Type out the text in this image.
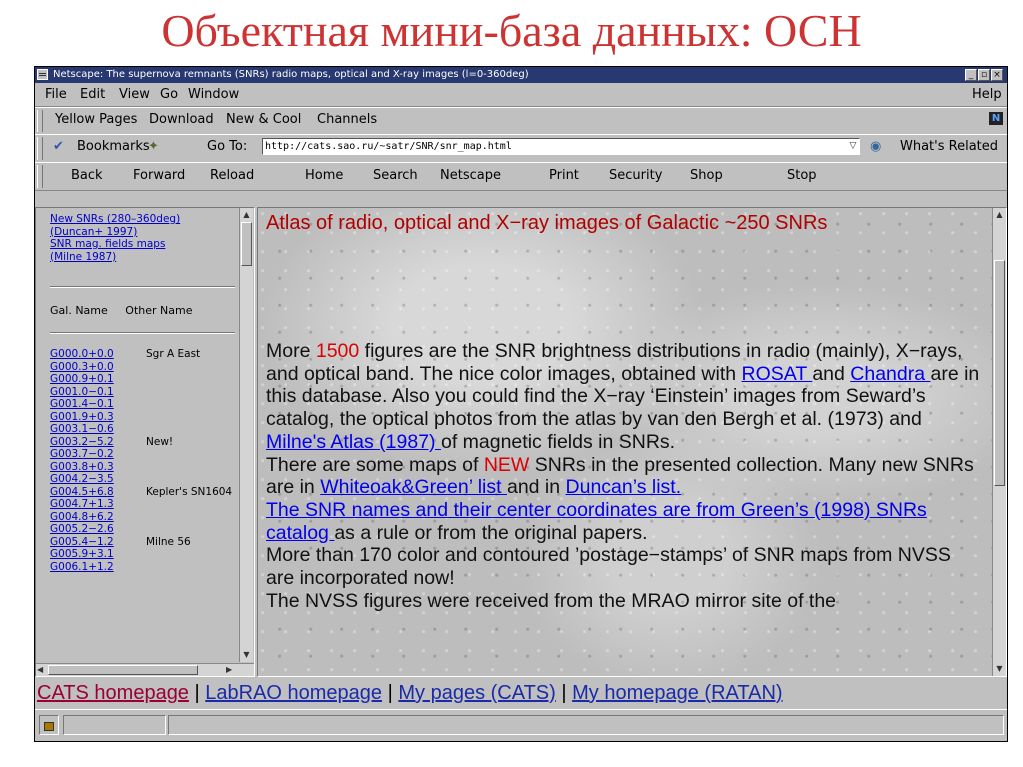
Объектная мини-база данных: ОСН
Netscape: The supernova remnants (SNRs) radio maps, optical and X-ray images (l=0-360deg)	_ ▫ ×
File Edit View Go Window	Help
Yellow Pages Download New & Cool Channels	N
✔ Bookmarks
✦	Go To:	http://cats.sao.ru/~satr/SNR/snr_map.html	▽ ◉ What's Related
Back Forward Reload	Home Search Netscape	Print Security Shop	Stop
New SNRs (280–360deg)
(Duncan+ 1997)
SNR mag. fields maps
(Milne 1987)
Gal. Name Other Name
G000.0+0.0	Sgr A East
G000.3+0.0
G000.9+0.1
G001.0−0.1
G001.4−0.1
G001.9+0.3
G003.1−0.6
G003.2−5.2	New!
G003.7−0.2
G003.8+0.3
G004.2−3.5
G004.5+6.8	Kepler's SN1604
G004.7+1.3
G004.8+6.2
G005.2−2.6
G005.4−1.2	Milne 56
G005.9+3.1
G006.1+1.2
▲
▼
◀	▶
Atlas of radio, optical and X−ray images of Galactic ~250 SNRs
More 1500 figures are the SNR brightness distributions in radio (mainly), X−rays, and optical band. The nice color images, obtained with ROSAT and Chandra are in this database. Also you could find the X−ray ‘Einstein’ images from Seward’s catalog, the optical photos from the atlas by van den Bergh et al. (1973) and Milne's Atlas (1987) of magnetic fields in SNRs.
There are some maps of NEW SNRs in the presented collection. Many new SNRs are in Whiteoak&Green’ list and in Duncan’s list.
The SNR names and their center coordinates are from Green’s (1998) SNRs catalog as a rule or from the original papers.
More than 170 color and contoured ’postage−stamps’ of SNR maps from NVSS are incorporated now!
The NVSS figures were received from the MRAO mirror site of the
▲
▼
CATS homepage | LabRAO homepage | My pages (CATS) | My homepage (RATAN)
